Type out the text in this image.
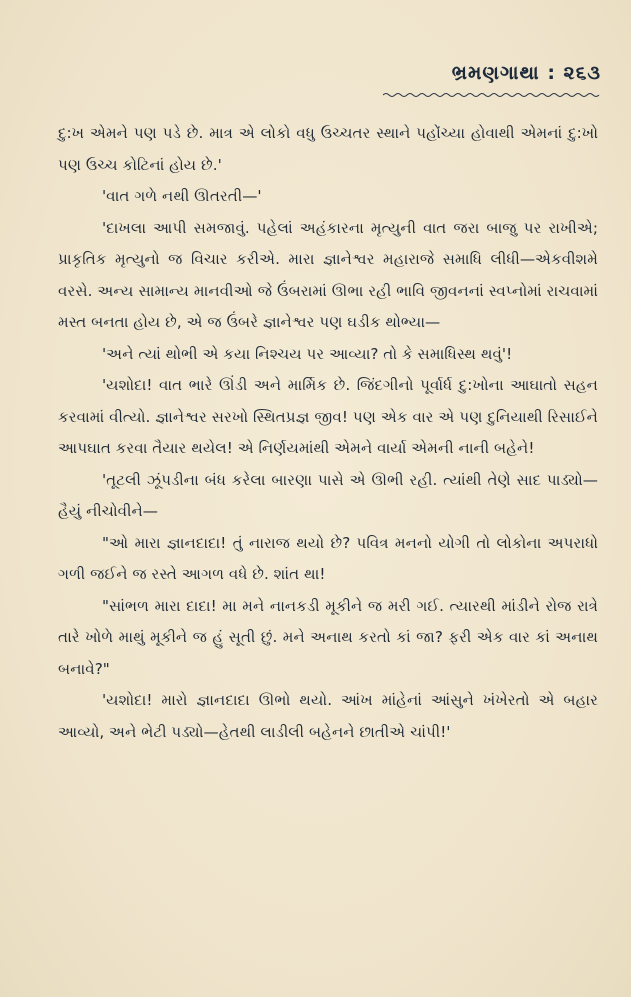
ભ્રમણગાથા : ૨૬૩

દુ:ખ એમને પણ પડે છે. માત્ર એ લોકો વધુ ઉચ્ચતર સ્થાને પહોંચ્યા હોવાથી એમનાં દુ:ખો પણ ઉચ્ચ કોટિનાં હોય છે.'

'વાત ગળે નથી ઊતરતી—'

'દાખલા આપી સમજાવું. પહેલાં અહંકારના મૃત્યુની વાત જરા બાજુ પર રાખીએ; પ્રાકૃતિક મૃત્યુનો જ વિચાર કરીએ. મારા જ્ઞાનેશ્વર મહારાજે સમાધિ લીધી—એકવીશમે વરસે. અન્ય સામાન્ય માનવીઓ જે ઉંબરામાં ઊભા રહી ભાવિ જીવનનાં સ્વપ્નોમાં રાચવામાં મસ્ત બનતા હોય છે, એ જ ઉંબરે જ્ઞાનેશ્વર પણ ઘડીક થોભ્યા—

'અને ત્યાં થોભી એ કયા નિશ્ચય પર આવ્યા? તો કે સમાધિસ્થ થવું'!

'યશોદા! વાત ભારે ઊંડી અને માર્મિક છે. જિંદગીનો પૂર્વાર્ધ દુ:ખોના આઘાતો સહન કરવામાં વીત્યો. જ્ઞાનેશ્વર સરખો સ્થિતપ્રજ્ઞ જીવ! પણ એક વાર એ પણ દુનિયાથી રિસાઈને આપઘાત કરવા તૈયાર થયેલ! એ નિર્ણયમાંથી એમને વાર્યા એમની નાની બહેને!

'તૂટલી ઝૂંપડીના બંધ કરેલા બારણા પાસે એ ઊભી રહી. ત્યાંથી તેણે સાદ પાડ્યો—હૈયું નીચોવીને—

"ઓ મારા જ્ઞાનદાદા! તું નારાજ થયો છે? પવિત્ર મનનો યોગી તો લોકોના અપરાધો ગળી જઈને જ રસ્તે આગળ વધે છે. શાંત થા!

"સાંભળ મારા દાદા! મા મને નાનકડી મૂકીને જ મરી ગઈ. ત્યારથી માંડીને રોજ રાત્રે તારે ખોળે માથું મૂકીને જ હું સૂતી છું. મને અનાથ કરતો કાં જા? ફરી એક વાર કાં અનાથ બનાવે?"

'યશોદા! મારો જ્ઞાનદાદા ઊભો થયો. આંખ માંહેનાં આંસુને ખંખેરતો એ બહાર આવ્યો, અને ભેટી પડ્યો—હેતથી લાડીલી બહેનને છાતીએ ચાંપી!'
